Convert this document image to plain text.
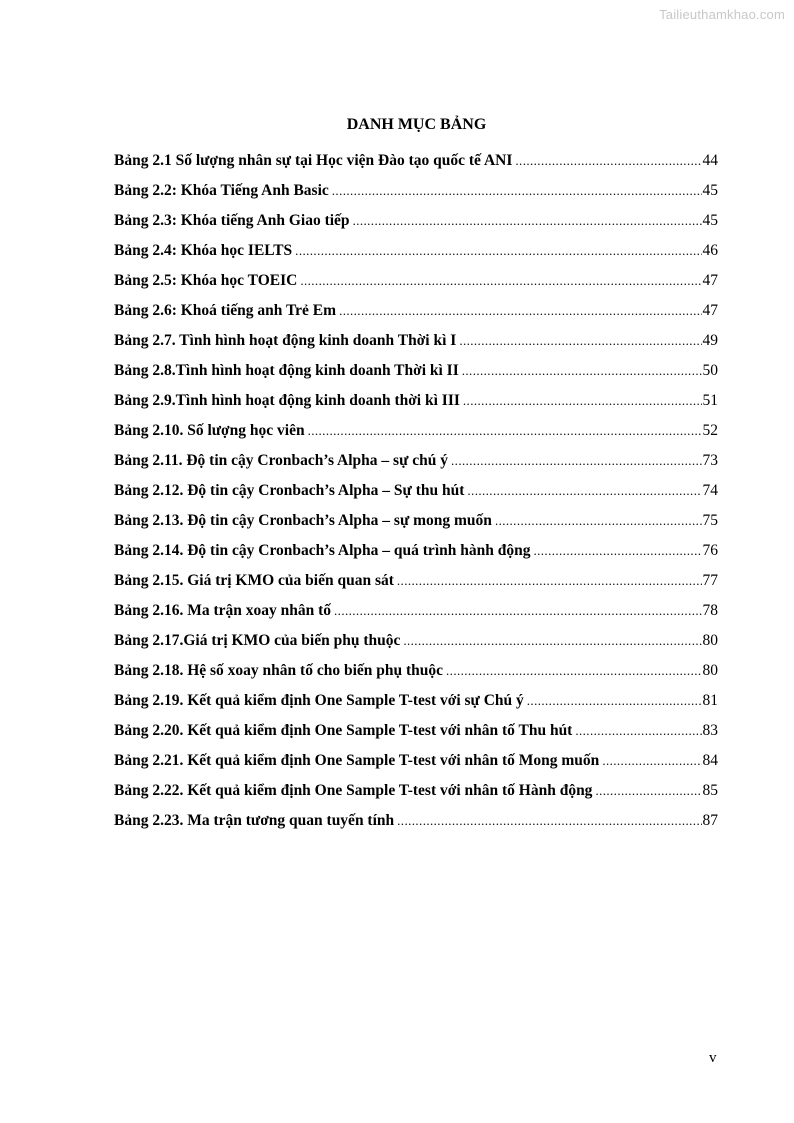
Tailieuthamkhao.com
DANH MỤC BẢNG
Bảng 2.1 Số lượng nhân sự tại Học viện Đào tạo quốc tế ANI .....	44
Bảng 2.2: Khóa Tiếng Anh Basic .....	45
Bảng 2.3: Khóa tiếng Anh Giao tiếp .....	45
Bảng 2.4: Khóa học IELTS .....	46
Bảng 2.5: Khóa học TOEIC .....	47
Bảng 2.6: Khoá tiếng anh Trẻ Em .....	47
Bảng 2.7. Tình hình hoạt động kinh doanh Thời kì I .....	49
Bảng 2.8.Tình hình hoạt động kinh doanh Thời kì II .....	50
Bảng 2.9.Tình hình hoạt động kinh doanh thời kì III .....	51
Bảng 2.10. Số lượng học viên .....	52
Bảng 2.11. Độ tin cậy Cronbach’s Alpha – sự chú ý .....	73
Bảng 2.12. Độ tin cậy Cronbach’s Alpha – Sự thu hút .....	74
Bảng 2.13. Độ tin cậy Cronbach’s Alpha – sự mong muốn .....	75
Bảng 2.14. Độ tin cậy Cronbach’s Alpha – quá trình hành động .....	76
Bảng 2.15. Giá trị KMO của biến quan sát .....	77
Bảng 2.16. Ma trận xoay nhân tố .....	78
Bảng 2.17.Giá trị KMO của biến phụ thuộc .....	80
Bảng 2.18. Hệ số xoay nhân tố cho biến phụ thuộc .....	80
Bảng 2.19. Kết quả kiểm định One Sample T-test với sự Chú ý .....	81
Bảng 2.20. Kết quả kiểm định One Sample T-test với nhân tố Thu hút .....	83
Bảng 2.21. Kết quả kiểm định One Sample T-test với nhân tố Mong muốn .....	84
Bảng 2.22. Kết quả kiểm định One Sample T-test với nhân tố Hành động .....	85
Bảng 2.23. Ma trận tương quan tuyến tính .....	87
v
